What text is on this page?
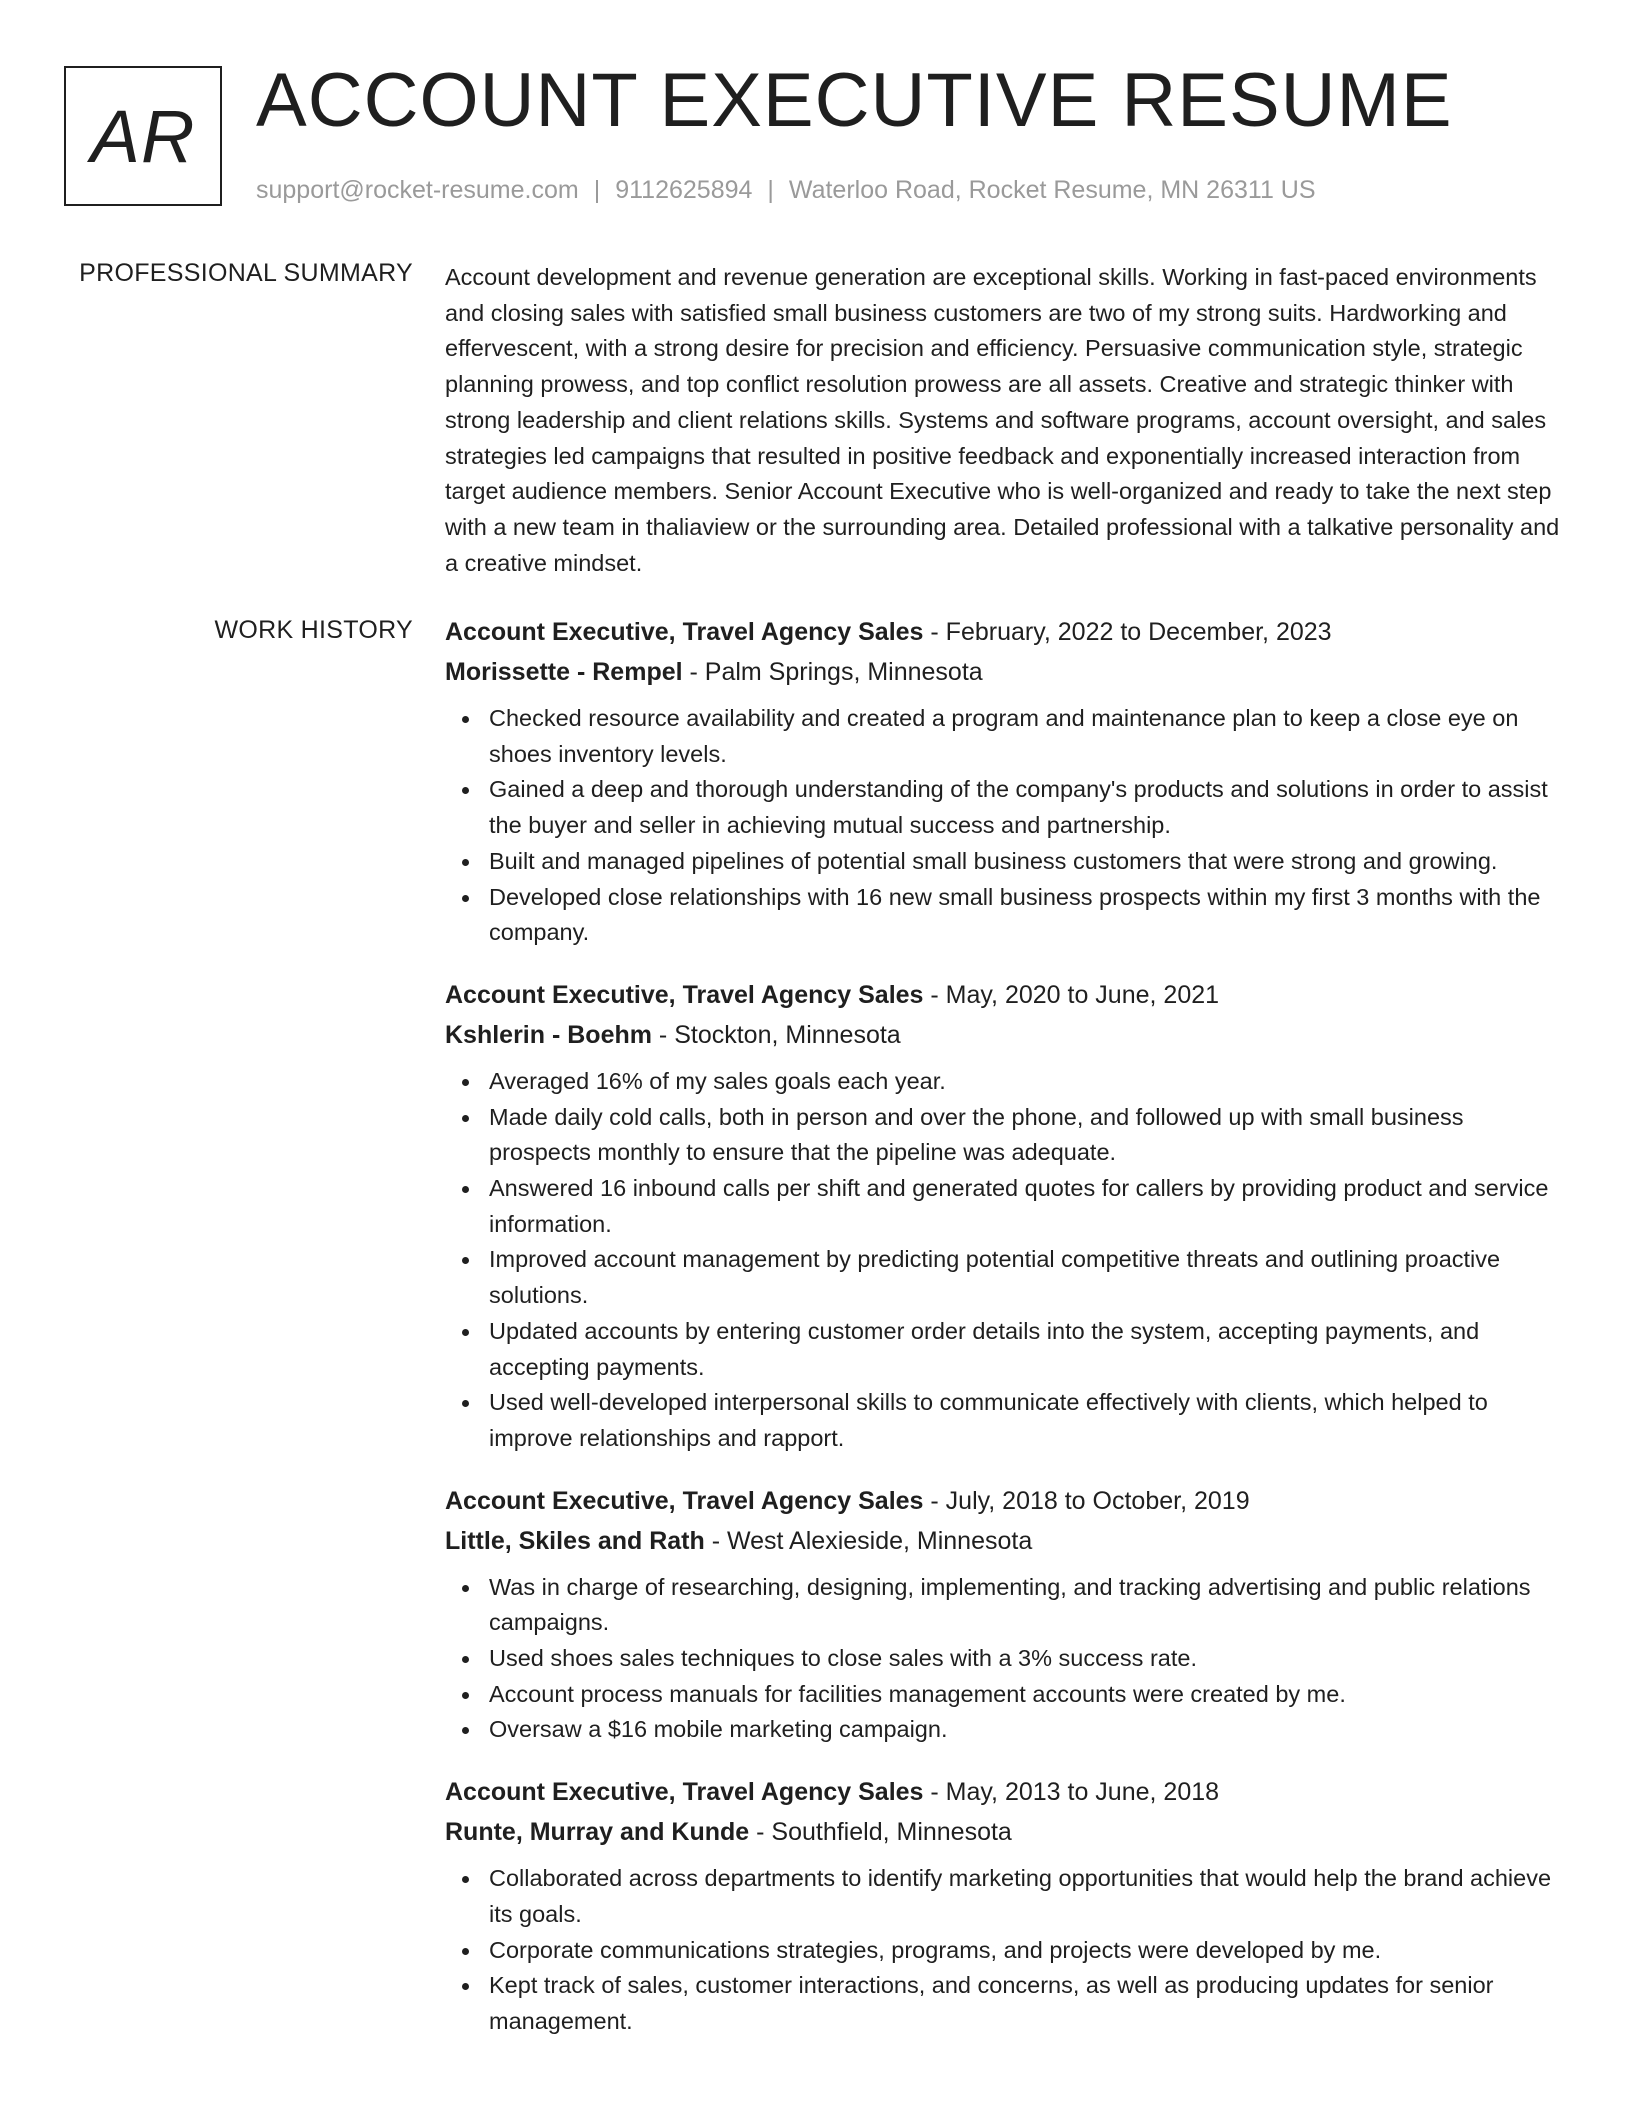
AR ACCOUNT EXECUTIVE RESUME
support@rocket-resume.com | 9112625894 | Waterloo Road, Rocket Resume, MN 26311 US
PROFESSIONAL SUMMARY Account development and revenue generation are exceptional skills. Working in fast-paced environments and closing sales with satisfied small business customers are two of my strong suits. Hardworking and effervescent, with a strong desire for precision and efficiency. Persuasive communication style, strategic planning prowess, and top conflict resolution prowess are all assets. Creative and strategic thinker with strong leadership and client relations skills. Systems and software programs, account oversight, and sales strategies led campaigns that resulted in positive feedback and exponentially increased interaction from target audience members. Senior Account Executive who is well-organized and ready to take the next step with a new team in thaliaview or the surrounding area. Detailed professional with a talkative personality and a creative mindset.
WORK HISTORY Account Executive, Travel Agency Sales - February, 2022 to December, 2023
Morissette - Rempel - Palm Springs, Minnesota
Checked resource availability and created a program and maintenance plan to keep a close eye on shoes inventory levels.
Gained a deep and thorough understanding of the company's products and solutions in order to assist the buyer and seller in achieving mutual success and partnership.
Built and managed pipelines of potential small business customers that were strong and growing.
Developed close relationships with 16 new small business prospects within my first 3 months with the company.
Account Executive, Travel Agency Sales - May, 2020 to June, 2021
Kshlerin - Boehm - Stockton, Minnesota
Averaged 16% of my sales goals each year.
Made daily cold calls, both in person and over the phone, and followed up with small business prospects monthly to ensure that the pipeline was adequate.
Answered 16 inbound calls per shift and generated quotes for callers by providing product and service information.
Improved account management by predicting potential competitive threats and outlining proactive solutions.
Updated accounts by entering customer order details into the system, accepting payments, and accepting payments.
Used well-developed interpersonal skills to communicate effectively with clients, which helped to improve relationships and rapport.
Account Executive, Travel Agency Sales - July, 2018 to October, 2019
Little, Skiles and Rath - West Alexieside, Minnesota
Was in charge of researching, designing, implementing, and tracking advertising and public relations campaigns.
Used shoes sales techniques to close sales with a 3% success rate.
Account process manuals for facilities management accounts were created by me.
Oversaw a $16 mobile marketing campaign.
Account Executive, Travel Agency Sales - May, 2013 to June, 2018
Runte, Murray and Kunde - Southfield, Minnesota
Collaborated across departments to identify marketing opportunities that would help the brand achieve its goals.
Corporate communications strategies, programs, and projects were developed by me.
Kept track of sales, customer interactions, and concerns, as well as producing updates for senior management.
